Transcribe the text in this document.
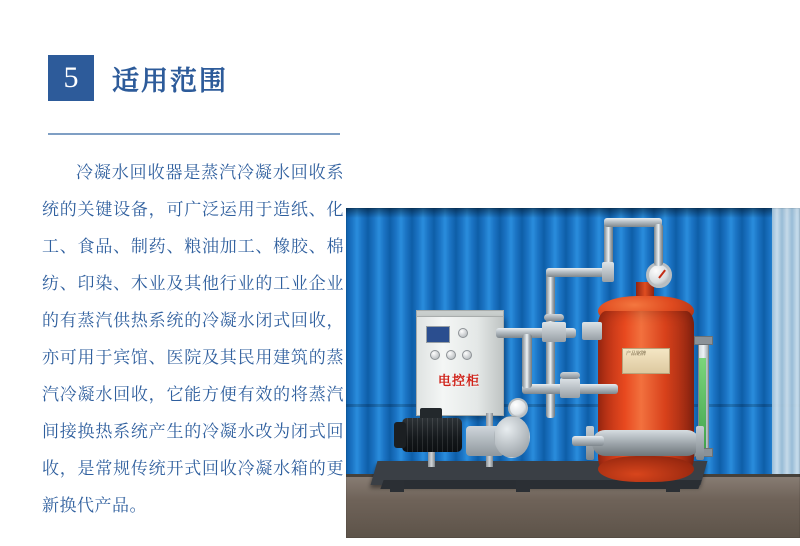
5	适用范围
冷凝水回收器是蒸汽冷凝水回收系统的关键设备，可广泛运用于造纸、化工、食品、制药、粮油加工、橡胶、棉纺、印染、木业及其他行业的工业企业的有蒸汽供热系统的冷凝水闭式回收，亦可用于宾馆、医院及其民用建筑的蒸汽冷凝水回收，它能方便有效的将蒸汽间接换热系统产生的冷凝水改为闭式回收，是常规传统开式回收冷凝水箱的更新换代产品。
产品铭牌
电控柜
